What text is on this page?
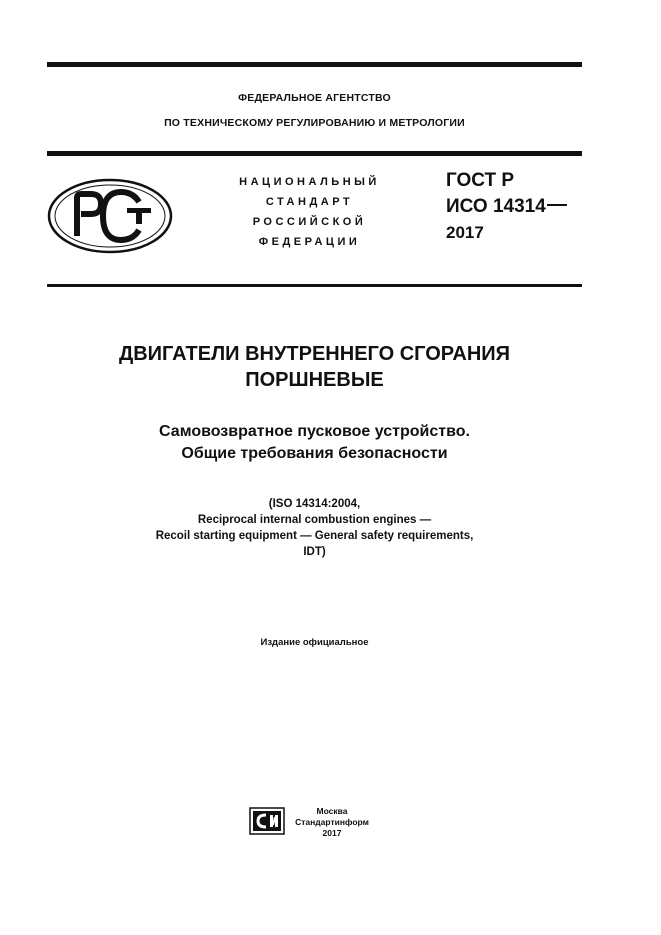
ФЕДЕРАЛЬНОЕ АГЕНТСТВО
ПО ТЕХНИЧЕСКОМУ РЕГУЛИРОВАНИЮ И МЕТРОЛОГИИ
НАЦИОНАЛЬНЫЙ
СТАНДАРТ
РОССИЙСКОЙ
ФЕДЕРАЦИИ
ГОСТ Р
ИСО 14314
2017
ДВИГАТЕЛИ ВНУТРЕННЕГО СГОРАНИЯ
ПОРШНЕВЫЕ
Самовозвратное пусковое устройство.
Общие требования безопасности
(ISO 14314:2004,
Reciprocal internal combustion engines —
Recoil starting equipment — General safety requirements,
IDT)
Издание официальное
Москва
Стандартинформ
2017
